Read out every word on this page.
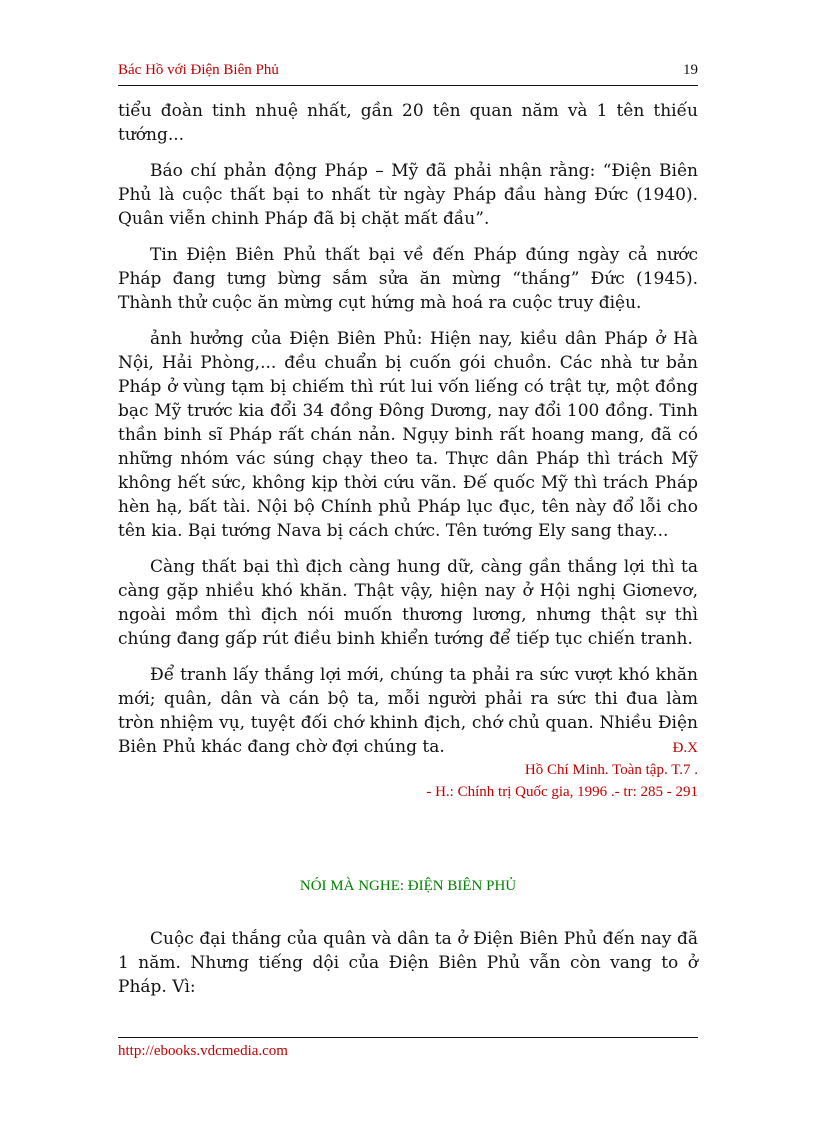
Bác Hồ với Điện Biên Phủ	19

tiểu đoàn tinh nhuệ nhất, gần 20 tên quan năm và 1 tên thiếu tướng...

Báo chí phản động Pháp – Mỹ đã phải nhận rằng: “Điện Biên Phủ là cuộc thất bại to nhất từ ngày Pháp đầu hàng Đức (1940). Quân viễn chinh Pháp đã bị chặt mất đầu”.

Tin Điện Biên Phủ thất bại về đến Pháp đúng ngày cả nước Pháp đang tưng bừng sắm sửa ăn mừng “thắng” Đức (1945). Thành thử cuộc ăn mừng cụt hứng mà hoá ra cuộc truy điệu.

ảnh hưởng của Điện Biên Phủ: Hiện nay, kiều dân Pháp ở Hà Nội, Hải Phòng,... đều chuẩn bị cuốn gói chuồn. Các nhà tư bản Pháp ở vùng tạm bị chiếm thì rút lui vốn liếng có trật tự, một đồng bạc Mỹ trước kia đổi 34 đồng Đông Dương, nay đổi 100 đồng. Tinh thần binh sĩ Pháp rất chán nản. Ngụy binh rất hoang mang, đã có những nhóm vác súng chạy theo ta. Thực dân Pháp thì trách Mỹ không hết sức, không kịp thời cứu vãn. Đế quốc Mỹ thì trách Pháp hèn hạ, bất tài. Nội bộ Chính phủ Pháp lục đục, tên này đổ lỗi cho tên kia. Bại tướng Nava bị cách chức. Tên tướng Ely sang thay...

Càng thất bại thì địch càng hung dữ, càng gần thắng lợi thì ta càng gặp nhiều khó khăn. Thật vậy, hiện nay ở Hội nghị Giơnevơ, ngoài mồm thì địch nói muốn thương lương, nhưng thật sự thì chúng đang gấp rút điều binh khiển tướng để tiếp tục chiến tranh.

Để tranh lấy thắng lợi mới, chúng ta phải ra sức vượt khó khăn mới; quân, dân và cán bộ ta, mỗi người phải ra sức thi đua làm tròn nhiệm vụ, tuyệt đối chớ khinh địch, chớ chủ quan. Nhiều Điện Biên Phủ khác đang chờ đợi chúng ta.	Đ.X
Hồ Chí Minh. Toàn tập. T.7 .
- H.: Chính trị Quốc gia, 1996 .- tr: 285 - 291
NÓI MÀ NGHE: ĐIỆN BIÊN PHỦ

Cuộc đại thắng của quân và dân ta ở Điện Biên Phủ đến nay đã 1 năm. Nhưng tiếng dội của Điện Biên Phủ vẫn còn vang to ở Pháp. Vì:

http://ebooks.vdcmedia.com
